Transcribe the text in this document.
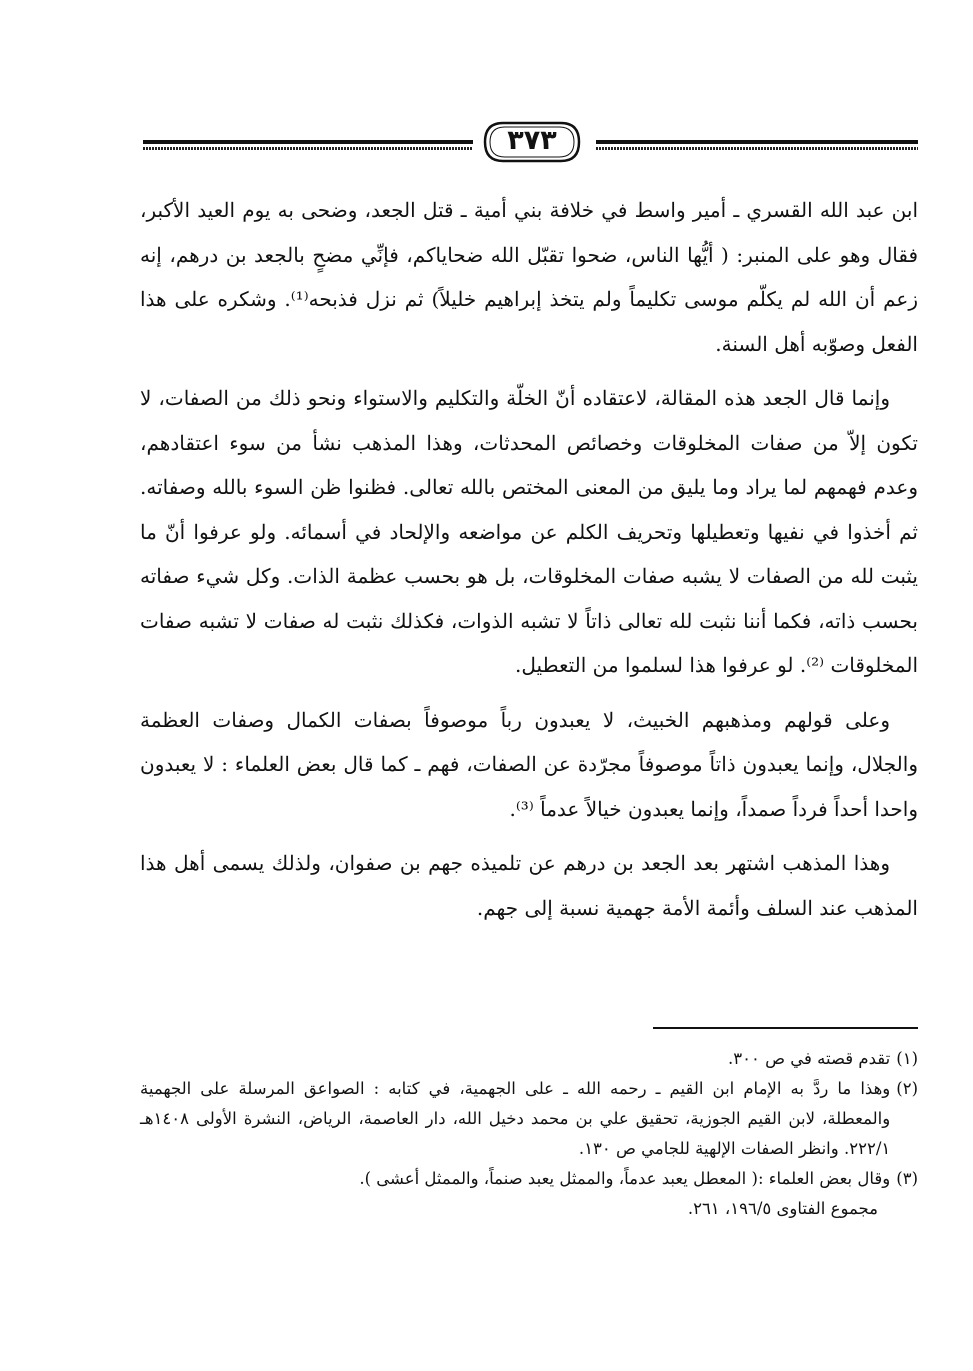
٣٧٣

ابن عبد الله القسري ـ أمير واسط في خلافة بني أمية ـ قتل الجعد، وضحى به يوم العيد الأكبر، فقال وهو على المنبر: ( أيُّها الناس، ضحوا تقبّل الله ضحاياكم، فإنِّي مضحٍ بالجعد بن درهم، إنه زعم أن الله لم يكلّم موسى تكليماً ولم يتخذ إبراهيم خليلاً) ثم نزل فذبحه⁽¹⁾. وشكره على هذا الفعل وصوّبه أهل السنة.

وإنما قال الجعد هذه المقالة، لاعتقاده أنّ الخلّة والتكليم والاستواء ونحو ذلك من الصفات، لا تكون إلاّ من صفات المخلوقات وخصائص المحدثات، وهذا المذهب نشأ من سوء اعتقادهم، وعدم فهمهم لما يراد وما يليق من المعنى المختص بالله تعالى. فظنوا ظن السوء بالله وصفاته. ثم أخذوا في نفيها وتعطيلها وتحريف الكلم عن مواضعه والإلحاد في أسمائه. ولو عرفوا أنّ ما يثبت لله من الصفات لا يشبه صفات المخلوقات، بل هو بحسب عظمة الذات. وكل شيء صفاته بحسب ذاته، فكما أننا نثبت لله تعالى ذاتاً لا تشبه الذوات، فكذلك نثبت له صفات لا تشبه صفات المخلوقات ⁽²⁾. لو عرفوا هذا لسلموا من التعطيل.

وعلى قولهم ومذهبهم الخبيث، لا يعبدون رباً موصوفاً بصفات الكمال وصفات العظمة والجلال، وإنما يعبدون ذاتاً موصوفاً مجرّدة عن الصفات، فهم ـ كما قال بعض العلماء : لا يعبدون واحدا أحداً فرداً صمداً، وإنما يعبدون خيالاً عدماً ⁽³⁾.

وهذا المذهب اشتهر بعد الجعد بن درهم عن تلميذه جهم بن صفوان، ولذلك يسمى أهل هذا المذهب عند السلف وأئمة الأمة جهمية نسبة إلى جهم.

(١)
تقدم قصته في ص ٣٠٠.
(٢)
وهذا ما ردَّ به الإمام ابن القيم ـ رحمه الله ـ على الجهمية، في كتابه : الصواعق المرسلة على الجهمية والمعطلة، لابن القيم الجوزية، تحقيق علي بن محمد دخيل الله، دار العاصمة، الرياض، النشرة الأولى ١٤٠٨هـ ٢٢٢/١. وانظر الصفات الإلهية للجامي ص ١٣٠.
(٣)
وقال بعض العلماء :( المعطل يعبد عدماً، والممثل يعبد صنماً، والممثل أعشى ).
مجموع الفتاوى ١٩٦/٥، ٢٦١.
